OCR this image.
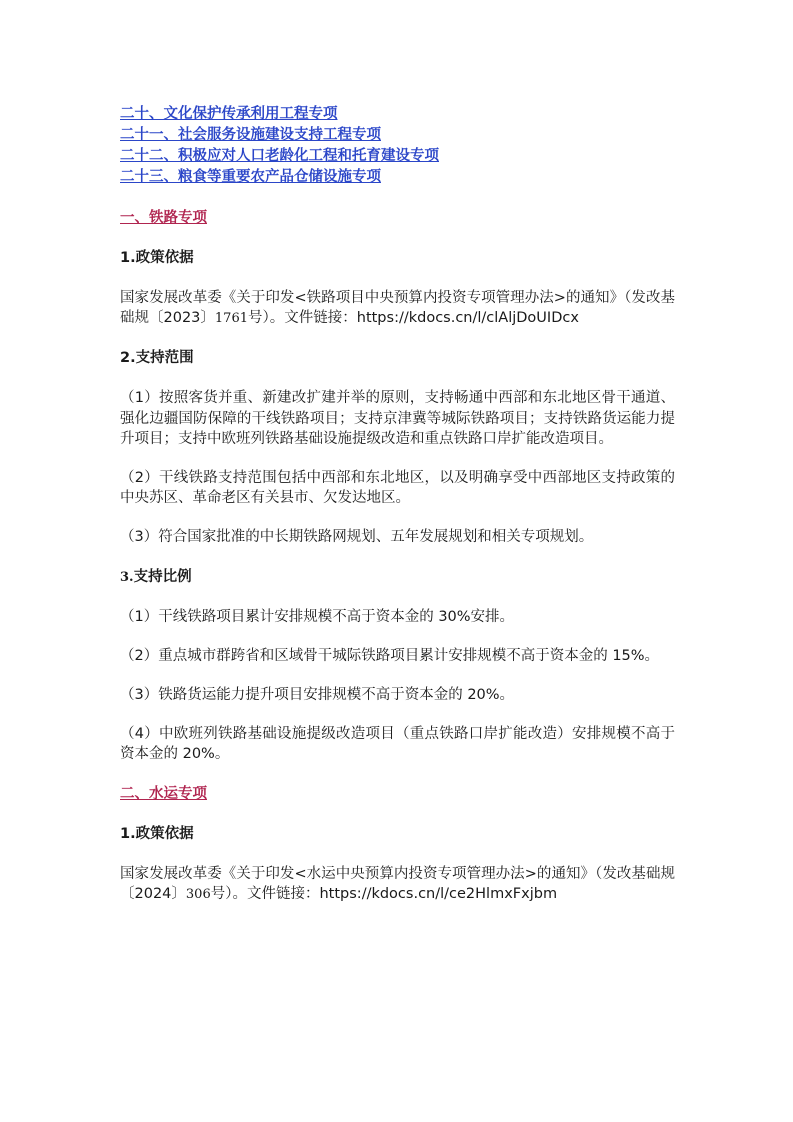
二十、文化保护传承利用工程专项
二十一、社会服务设施建设支持工程专项
二十二、积极应对人口老龄化工程和托育建设专项
二十三、粮食等重要农产品仓储设施专项
一、铁路专项
1.政策依据
国家发展改革委《关于印发<铁路项目中央预算内投资专项管理办法>的通知》（发改基础规〔2023〕1761号）。文件链接：https://kdocs.cn/l/clAljDoUIDcx
2.支持范围
（1）按照客货并重、新建改扩建并举的原则，支持畅通中西部和东北地区骨干通道、强化边疆国防保障的干线铁路项目；支持京津冀等城际铁路项目；支持铁路货运能力提升项目；支持中欧班列铁路基础设施提级改造和重点铁路口岸扩能改造项目。
（2）干线铁路支持范围包括中西部和东北地区，以及明确享受中西部地区支持政策的中央苏区、革命老区有关县市、欠发达地区。
（3）符合国家批准的中长期铁路网规划、五年发展规划和相关专项规划。
3.支持比例
（1）干线铁路项目累计安排规模不高于资本金的 30%安排。
（2）重点城市群跨省和区域骨干城际铁路项目累计安排规模不高于资本金的 15%。
（3）铁路货运能力提升项目安排规模不高于资本金的 20%。
（4）中欧班列铁路基础设施提级改造项目（重点铁路口岸扩能改造）安排规模不高于资本金的 20%。
二、水运专项
1.政策依据
国家发展改革委《关于印发<水运中央预算内投资专项管理办法>的通知》（发改基础规〔2024〕306号）。文件链接：https://kdocs.cn/l/ce2HlmxFxjbm
